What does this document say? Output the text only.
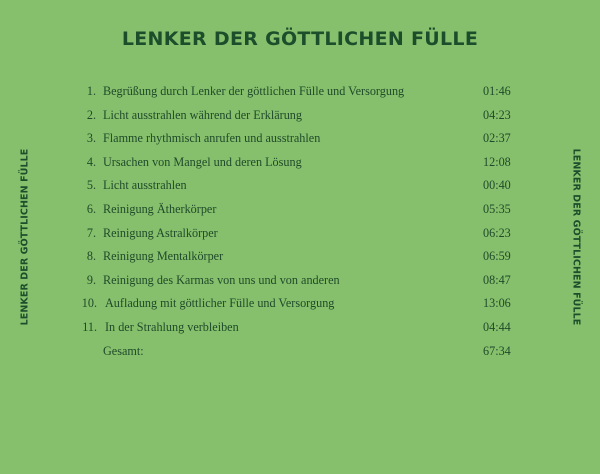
LENKER DER GÖTTLICHEN FÜLLE
LENKER DER GÖTTLICHEN FÜLLE	LENKER DER GÖTTLICHEN FÜLLE
1. Begrüßung durch Lenker der göttlichen Fülle und Versorgung	01:46
2. Licht ausstrahlen während der Erklärung	04:23
3. Flamme rhythmisch anrufen und ausstrahlen	02:37
4. Ursachen von Mangel und deren Lösung	12:08
5. Licht ausstrahlen	00:40
6. Reinigung Ätherkörper	05:35
7. Reinigung Astralkörper	06:23
8. Reinigung Mentalkörper	06:59
9. Reinigung des Karmas von uns und von anderen	08:47
10. Aufladung mit göttlicher Fülle und Versorgung	13:06
11. In der Strahlung verbleiben	04:44
Gesamt:	67:34
